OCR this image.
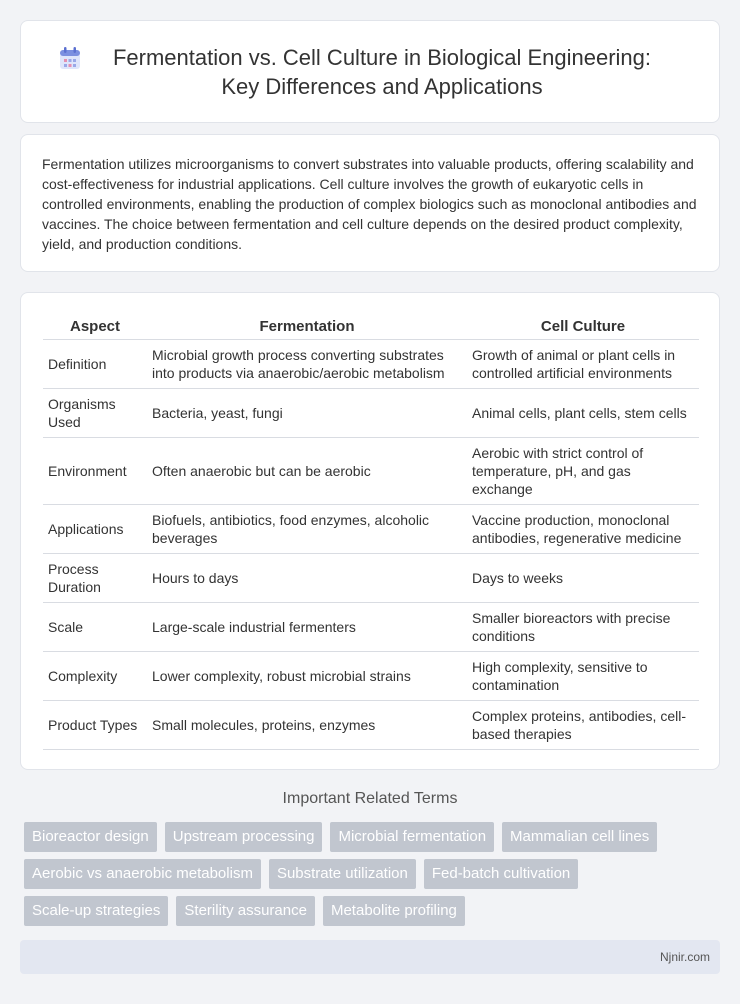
Fermentation vs. Cell Culture in Biological Engineering:
Key Differences and Applications

Fermentation utilizes microorganisms to convert substrates into valuable products, offering scalability and cost-effectiveness for industrial applications. Cell culture involves the growth of eukaryotic cells in controlled environments, enabling the production of complex biologics such as monoclonal antibodies and vaccines. The choice between fermentation and cell culture depends on the desired product complexity, yield, and production conditions.

Aspect	Fermentation	Cell Culture
Definition	Microbial growth process converting substrates into products via anaerobic/aerobic metabolism	Growth of animal or plant cells in controlled artificial environments
Organisms Used	Bacteria, yeast, fungi	Animal cells, plant cells, stem cells
Environment	Often anaerobic but can be aerobic	Aerobic with strict control of temperature, pH, and gas exchange
Applications	Biofuels, antibiotics, food enzymes, alcoholic beverages	Vaccine production, monoclonal antibodies, regenerative medicine
Process Duration	Hours to days	Days to weeks
Scale	Large-scale industrial fermenters	Smaller bioreactors with precise conditions
Complexity	Lower complexity, robust microbial strains	High complexity, sensitive to contamination
Product Types	Small molecules, proteins, enzymes	Complex proteins, antibodies, cell-based therapies
Important Related Terms
Bioreactor design	Upstream processing	Microbial fermentation	Mammalian cell lines
Aerobic vs anaerobic metabolism	Substrate utilization	Fed-batch cultivation
Scale-up strategies	Sterility assurance	Metabolite profiling
Njnir.com
